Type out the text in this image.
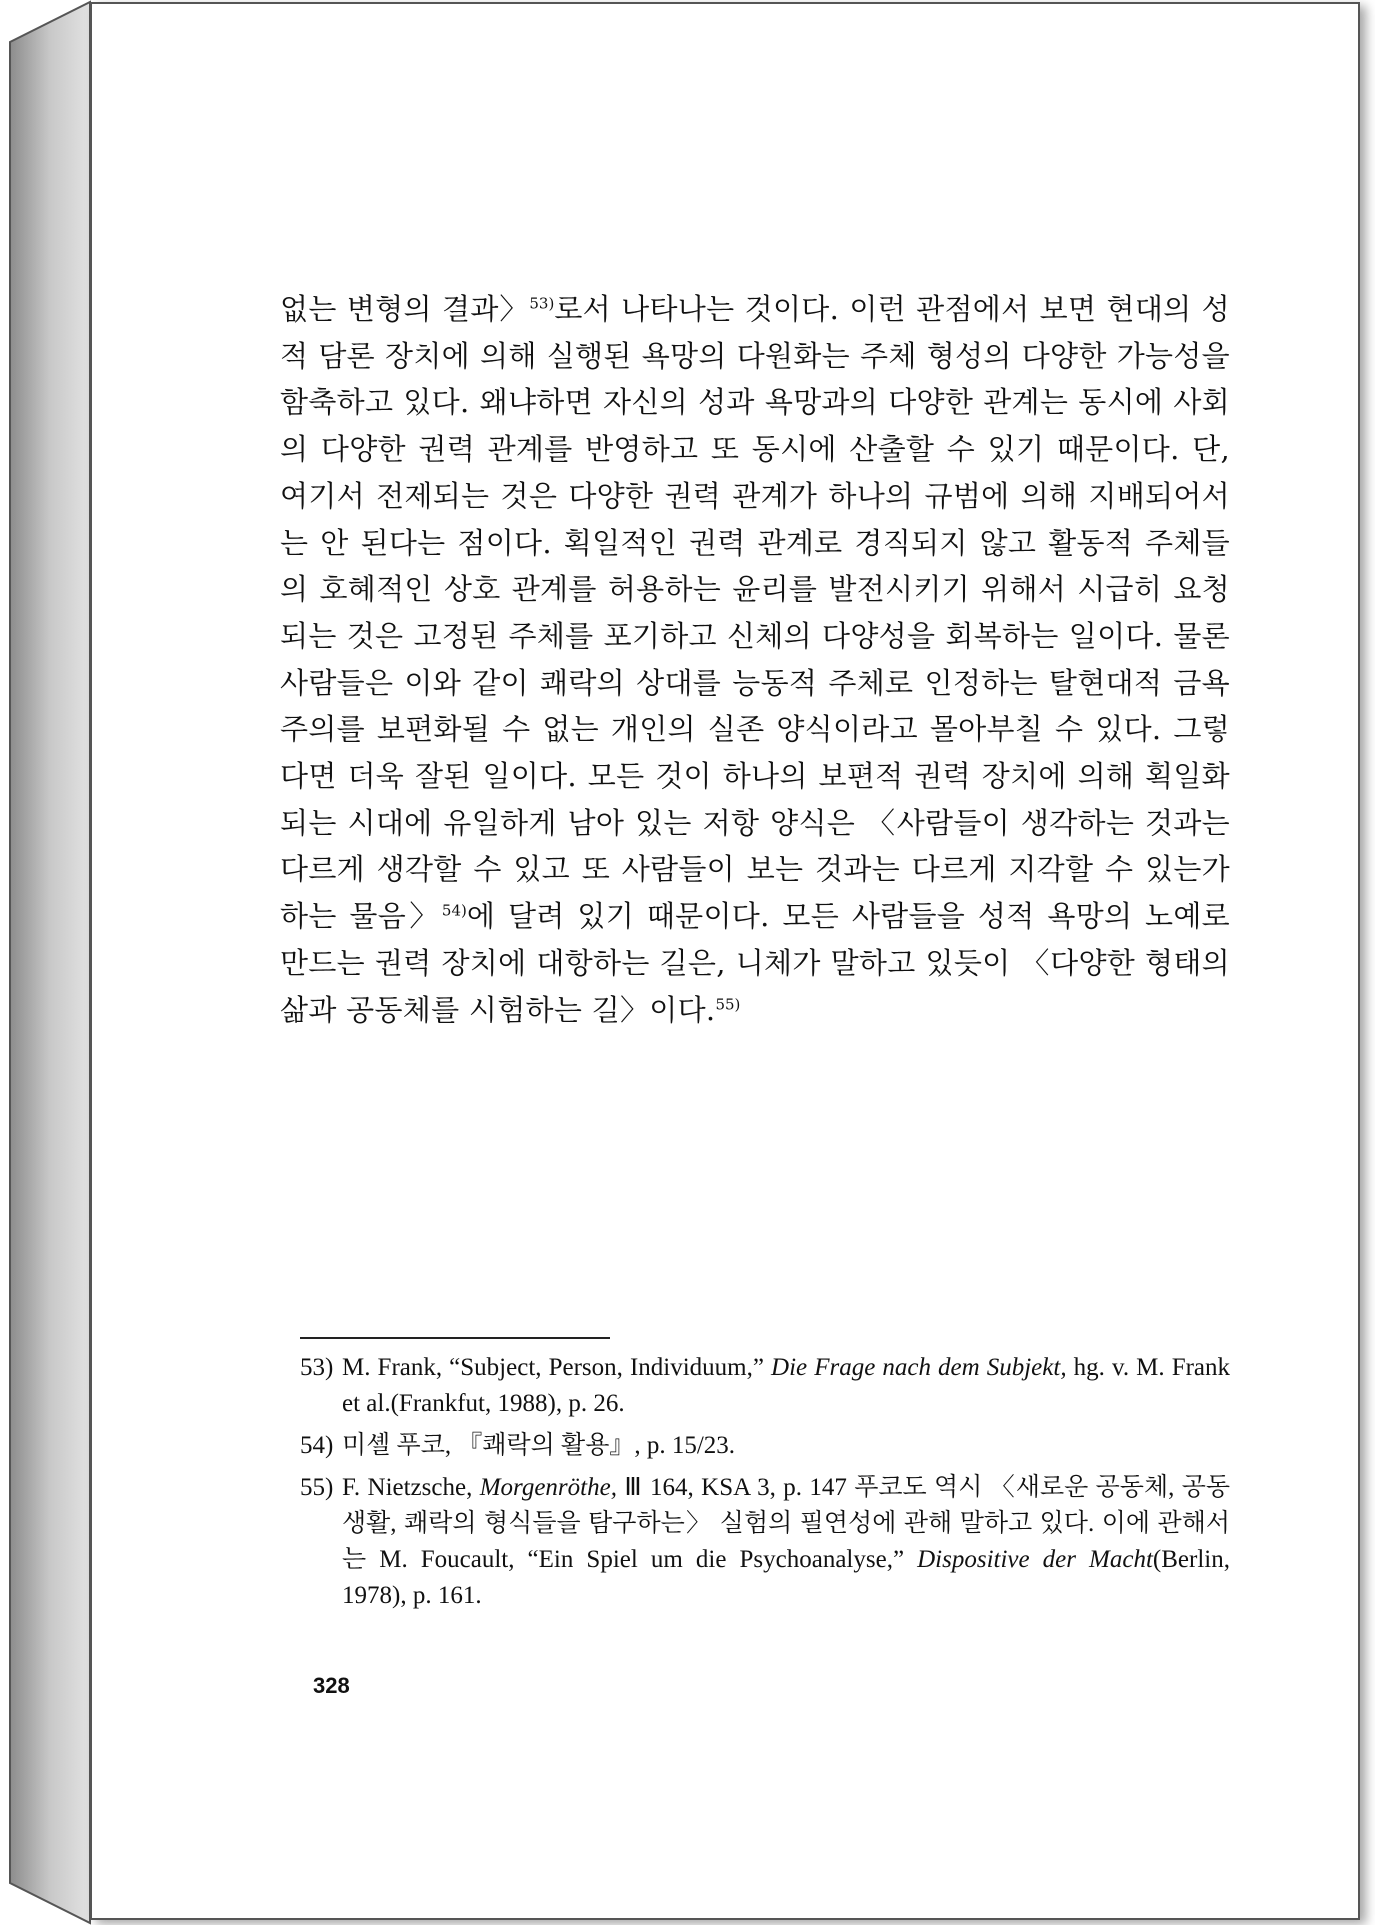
없는 변형의 결과〉$^{53)}$로서 나타나는 것이다. 이런 관점에서 보면 현대의 성적 담론 장치에 의해 실행된 욕망의 다원화는 주체 형성의 다양한 가능성을 함축하고 있다. 왜냐하면 자신의 성과 욕망과의 다양한 관계는 동시에 사회의 다양한 권력 관계를 반영하고 또 동시에 산출할 수 있기 때문이다. 단, 여기서 전제되는 것은 다양한 권력 관계가 하나의 규범에 의해 지배되어서는 안 된다는 점이다. 획일적인 권력 관계로 경직되지 않고 활동적 주체들의 호혜적인 상호 관계를 허용하는 윤리를 발전시키기 위해서 시급히 요청되는 것은 고정된 주체를 포기하고 신체의 다양성을 회복하는 일이다. 물론 사람들은 이와 같이 쾌락의 상대를 능동적 주체로 인정하는 탈현대적 금욕주의를 보편화될 수 없는 개인의 실존 양식이라고 몰아부칠 수 있다. 그렇다면 더욱 잘된 일이다. 모든 것이 하나의 보편적 권력 장치에 의해 획일화되는 시대에 유일하게 남아 있는 저항 양식은 〈사람들이 생각하는 것과는 다르게 생각할 수 있고 또 사람들이 보는 것과는 다르게 지각할 수 있는가 하는 물음〉$^{54)}$에 달려 있기 때문이다. 모든 사람들을 성적 욕망의 노예로 만드는 권력 장치에 대항하는 길은, 니체가 말하고 있듯이 〈다양한 형태의 삶과 공동체를 시험하는 길〉이다.$^{55)}$

53) M. Frank, “Subject, Person, Individuum,” Die Frage nach dem Subjekt, hg. v. M. Frank et al.(Frankfut, 1988), p. 26.

54) 미셸 푸코, 『쾌락의 활용』, p. 15/23.

55) F. Nietzsche, Morgenröthe, Ⅲ 164, KSA 3, p. 147 푸코도 역시 〈새로운 공동체, 공동 생활, 쾌락의 형식들을 탐구하는〉 실험의 필연성에 관해 말하고 있다. 이에 관해서는 M. Foucault, “Ein Spiel um die Psychoanalyse,” Dispositive der Macht(Berlin, 1978), p. 161.

328
